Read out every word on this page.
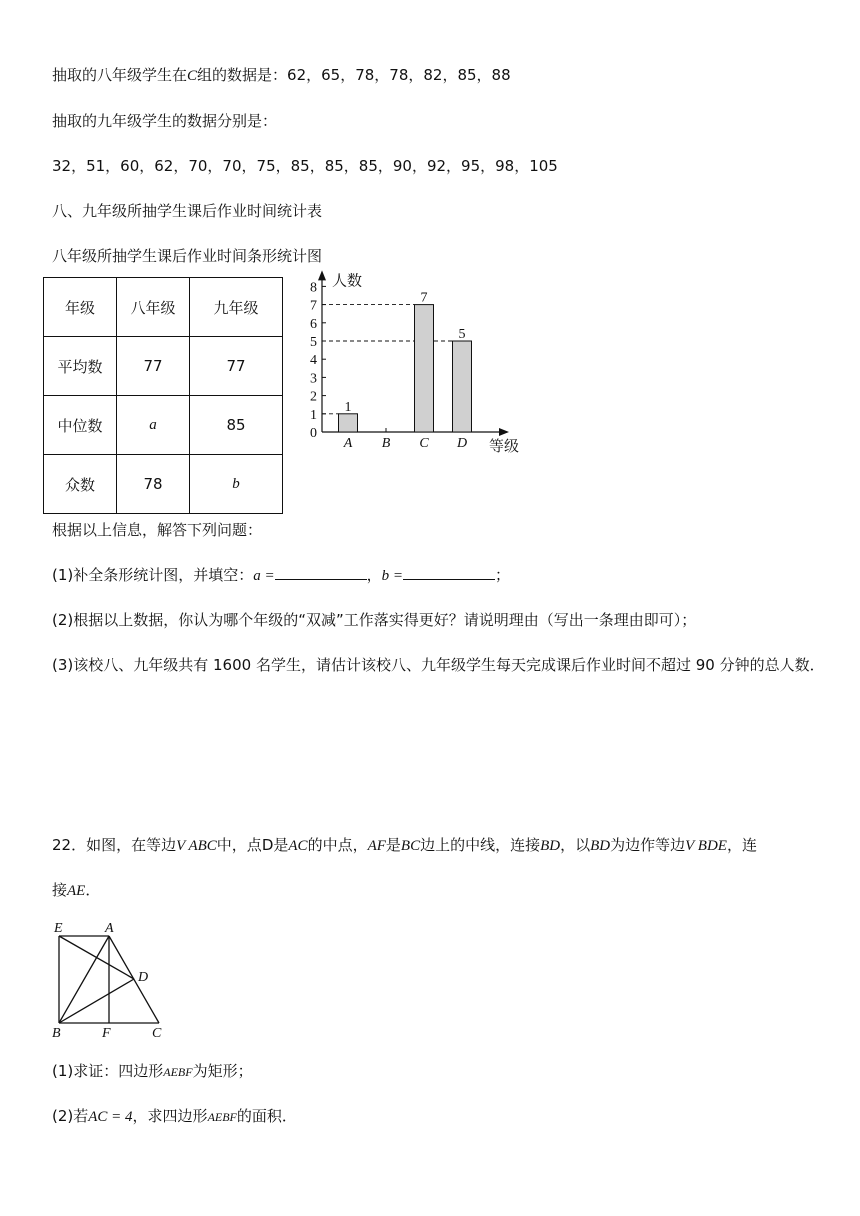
抽取的八年级学生在C组的数据是：62，65，78，78，82，85，88
抽取的九年级学生的数据分别是：
32，51，60，62，70，70，75，85，85，85，90，92，95，98，105
八、九年级所抽学生课后作业时间统计表
八年级所抽学生课后作业时间条形统计图
年级	八年级	九年级
平均数	77	77
中位数	a	85
众数	78	b
0
1
2
3
4
5
6
7
8 人数
等级
1
A B
7
C
5
D
根据以上信息，解答下列问题：
(1)补全条形统计图，并填空：a =	，b =	；
(2)根据以上数据，你认为哪个年级的“双减”工作落实得更好？请说明理由（写出一条理由即可）；
(3)该校八、九年级共有 1600 名学生，请估计该校八、九年级学生每天完成课后作业时间不超过 90 分钟的总人数．
22．如图，在等边V ABC中，点D是AC的中点，AF是BC边上的中线，连接BD，以BD为边作等边V BDE，连
接AE．
E	A
D
B	F	C
(1)求证：四边形AEBF为矩形；
(2)若AC = 4，求四边形AEBF的面积．
